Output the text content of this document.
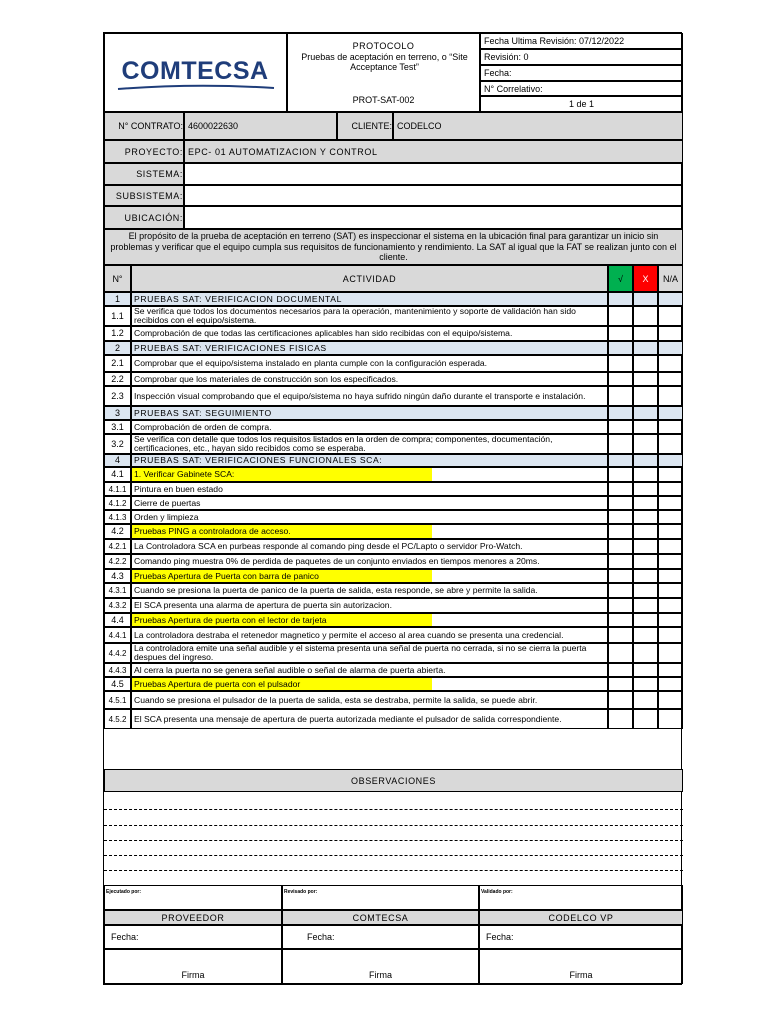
COMTECSA
PROTOCOLO
Pruebas de aceptación en terreno, o “Site Acceptance Test”
PROT-SAT-002
Fecha Ultima Revisión: 07/12/2022
Revisión: 0
Fecha:
N° Correlativo:
1 de 1
N° CONTRATO: 4600022630	CLIENTE: CODELCO
PROYECTO: EPC- 01 AUTOMATIZACION Y CONTROL
SISTEMA:
SUBSISTEMA:
UBICACIÓN:
El propósito de la prueba de aceptación en terreno (SAT) es inspeccionar el sistema en la ubicación final para garantizar un inicio sin problemas y verificar que el equipo cumpla sus requisitos de funcionamiento y rendimiento. La SAT al igual que la FAT se realizan junto con el cliente.
N°	ACTIVIDAD	√	X	N/A
1	PRUEBAS SAT: VERIFICACION DOCUMENTAL
1.1	Se verifica que todos los documentos necesarios para la operación, mantenimiento y soporte de validación han sido recibidos con el equipo/sistema.
1.2	Comprobación de que todas las certificaciones aplicables han sido recibidas con el equipo/sistema.
2	PRUEBAS SAT: VERIFICACIONES FISICAS
2.1	Comprobar que el equipo/sistema instalado en planta cumple con la configuración esperada.
2.2	Comprobar que los materiales de construcción son los especificados.
2.3	Inspección visual comprobando que el equipo/sistema no haya sufrido ningún daño durante el transporte e instalación.
3	PRUEBAS SAT: SEGUIMIENTO
3.1	Comprobación de orden de compra.
3.2	Se verifica con detalle que todos los requisitos listados en la orden de compra; componentes, documentación, certificaciones, etc., hayan sido recibidos como se esperaba.
4	PRUEBAS SAT: VERIFICACIONES FUNCIONALES SCA:
4.1	1. Verificar Gabinete SCA:
4.1.1 Pintura en buen estado
4.1.2 Cierre de puertas
4.1.3 Orden y limpieza
4.2	Pruebas PING a controladora de acceso.
4.2.1 La Controladora SCA en purbeas responde al comando ping desde el PC/Lapto o servidor Pro-Watch.
4.2.2 Comando ping muestra 0% de perdida de paquetes de un conjunto enviados en tiempos menores a 20ms.
4.3	Pruebas Apertura de Puerta con barra de panico
4.3.1 Cuando se presiona la puerta de panico de la puerta de salida, esta responde, se abre y permite la salida.
4.3.2 El SCA presenta una alarma de apertura de puerta sin autorizacion.
4.4	Pruebas Apertura de puerta con el lector de tarjeta
4.4.1 La controladora destraba el retenedor magnetico y permite el acceso al area cuando se presenta una credencial.
4.4.2 La controladora emite una señal audible y el sistema presenta una señal de puerta no cerrada, si no se cierra la puerta despues del ingreso.
4.4.3 Al cerra la puerta no se genera señal audible o señal de alarma de puerta abierta.
4.5	Pruebas Apertura de puerta con el pulsador
4.5.1 Cuando se presiona el pulsador de la puerta de salida, esta se destraba, permite la salida, se puede abrir.
4.5.2 El SCA presenta una mensaje de apertura de puerta autorizada mediante el pulsador de salida correspondiente.
OBSERVACIONES
Ejecutado por:	Revisado por:	Validado por:
PROVEEDOR	COMTECSA	CODELCO VP
Fecha:	Fecha:	Fecha:
Firma	Firma	Firma
